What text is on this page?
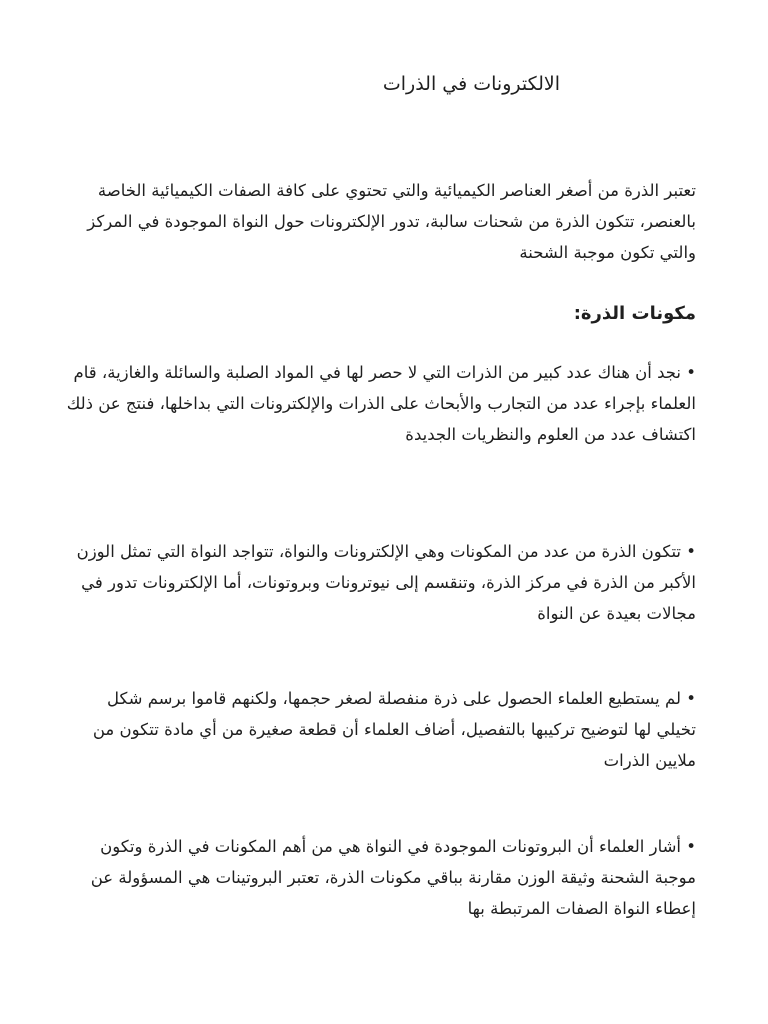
الالكترونات في الذرات

تعتبر الذرة من أصغر العناصر الكيميائية والتي تحتوي على كافة الصفات الكيميائية الخاصة بالعنصر، تتكون الذرة من شحنات سالبة، تدور الإلكترونات حول النواة الموجودة في المركز والتي تكون موجبة الشحنة

مكونات الذرة:

• نجد أن هناك عدد كبير من الذرات التي لا حصر لها في المواد الصلبة والسائلة والغازية، قام العلماء بإجراء عدد من التجارب والأبحاث على الذرات والإلكترونات التي بداخلها، فنتج عن ذلك اكتشاف عدد من العلوم والنظريات الجديدة

• تتكون الذرة من عدد من المكونات وهي الإلكترونات والنواة، تتواجد النواة التي تمثل الوزن الأكبر من الذرة في مركز الذرة، وتنقسم إلى نيوترونات وبروتونات، أما الإلكترونات تدور في مجالات بعيدة عن النواة

• لم يستطيع العلماء الحصول على ذرة منفصلة لصغر حجمها، ولكنهم قاموا برسم شكل تخيلي لها لتوضيح تركيبها بالتفصيل، أضاف العلماء أن قطعة صغيرة من أي مادة تتكون من ملايين الذرات

• أشار العلماء أن البروتونات الموجودة في النواة هي من أهم المكونات في الذرة وتكون موجبة الشحنة وثيقة الوزن مقارنة بباقي مكونات الذرة، تعتبر البروتينات هي المسؤولة عن إعطاء النواة الصفات المرتبطة بها
